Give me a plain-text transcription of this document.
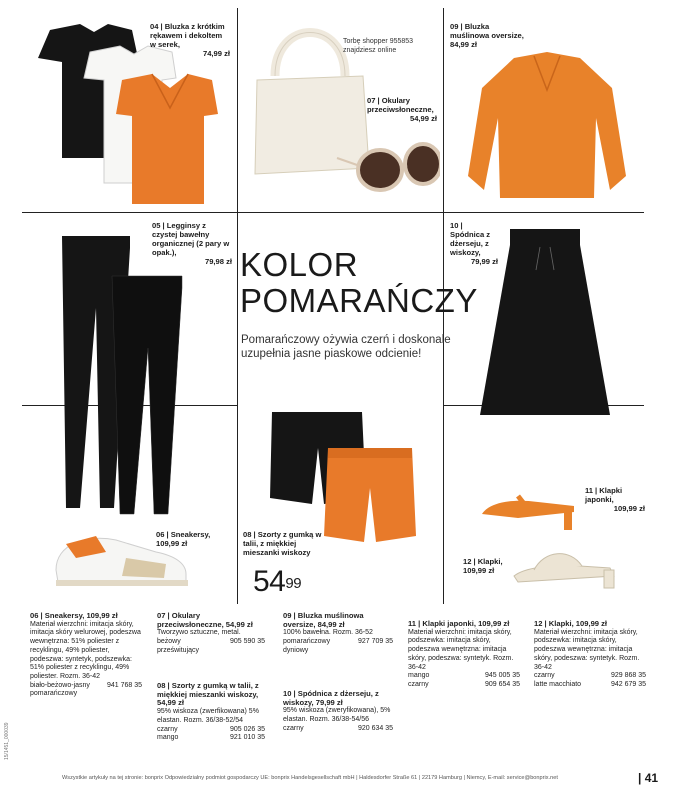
04 | Bluzka z krótkim rękawem i dekoltem w serek,
74,99 zł
Torbę shopper 955853 znajdziesz online
07 | Okulary przeciwsłoneczne,
54,99 zł
09 | Bluzka muślinowa oversize,
84,99 zł
05 | Legginsy z czystej bawełny organicznej (2 pary w opak.),
79,98 zł
10 | Spódnica z dżerseju, z wiskozy,
79,99 zł
06 | Sneakersy,
109,99 zł
08 | Szorty z gumką w talii, z miękkiej mieszanki wiskozy
$54^{99}$
11 | Klapki japonki,
109,99 zł
12 | Klapki,
109,99 zł
KOLOR
POMARAŃCZY
Pomarańczowy ożywia czerń i doskonale uzupełnia jasne piaskowe odcienie!
06 | Sneakersy, 109,99 zł
Materiał wierzchni: imitacja skóry, imitacja skóry welurowej, podeszwa wewnętrzna: 51% poliester z recyklingu, 49% poliester, podeszwa: syntetyk, podszewka: 51% poliester z recyklingu, 49% poliester. Rozm. 36-42
biało-beżowo-jasny pomarańczowy
941 768 35
07 | Okulary przeciwsłoneczne, 54,99 zł
Tworzywo sztuczne, metal.
beżowy prześwitujący
905 590 35
08 | Szorty z gumką w talii, z miękkiej mieszanki wiskozy, 54,99 zł
95% wiskoza (zwerfikowana) 5% elastan. Rozm. 36/38-52/54
czarny	905 026 35
mango	921 010 35
09 | Bluzka muślinowa oversize, 84,99 zł
100% bawełna. Rozm. 36-52
pomarańczowy dyniowy
927 709 35
10 | Spódnica z dżerseju, z wiskozy, 79,99 zł
95% wiskoza (zweryfikowana), 5% elastan. Rozm. 36/38-54/56
czarny	920 634 35
11 | Klapki japonki, 109,99 zł
Materiał wierzchni: imitacja skóry, podszewka: imitacja skóry, podeszwa wewnętrzna: imitacja skóry, podeszwa: syntetyk. Rozm. 36-42
mango	945 005 35
czarny	909 654 35
12 | Klapki, 109,99 zł
Materiał wierzchni: imitacja skóry, podszewka: imitacja skóry, podeszwa wewnętrzna: imitacja skóry, podeszwa: syntetyk. Rozm. 36-42
czarny	929 868 35
latte macchiato	942 679 35
Wszystkie artykuły na tej stronie: bonprix Odpowiedzialny podmiot gospodarczy UE: bonprix Handelsgesellschaft mbH | Haldesdorfer Straße 61 | 22179 Hamburg | Niemcy, E-mail: service@bonprix.net	| 41
15/1451_000039
